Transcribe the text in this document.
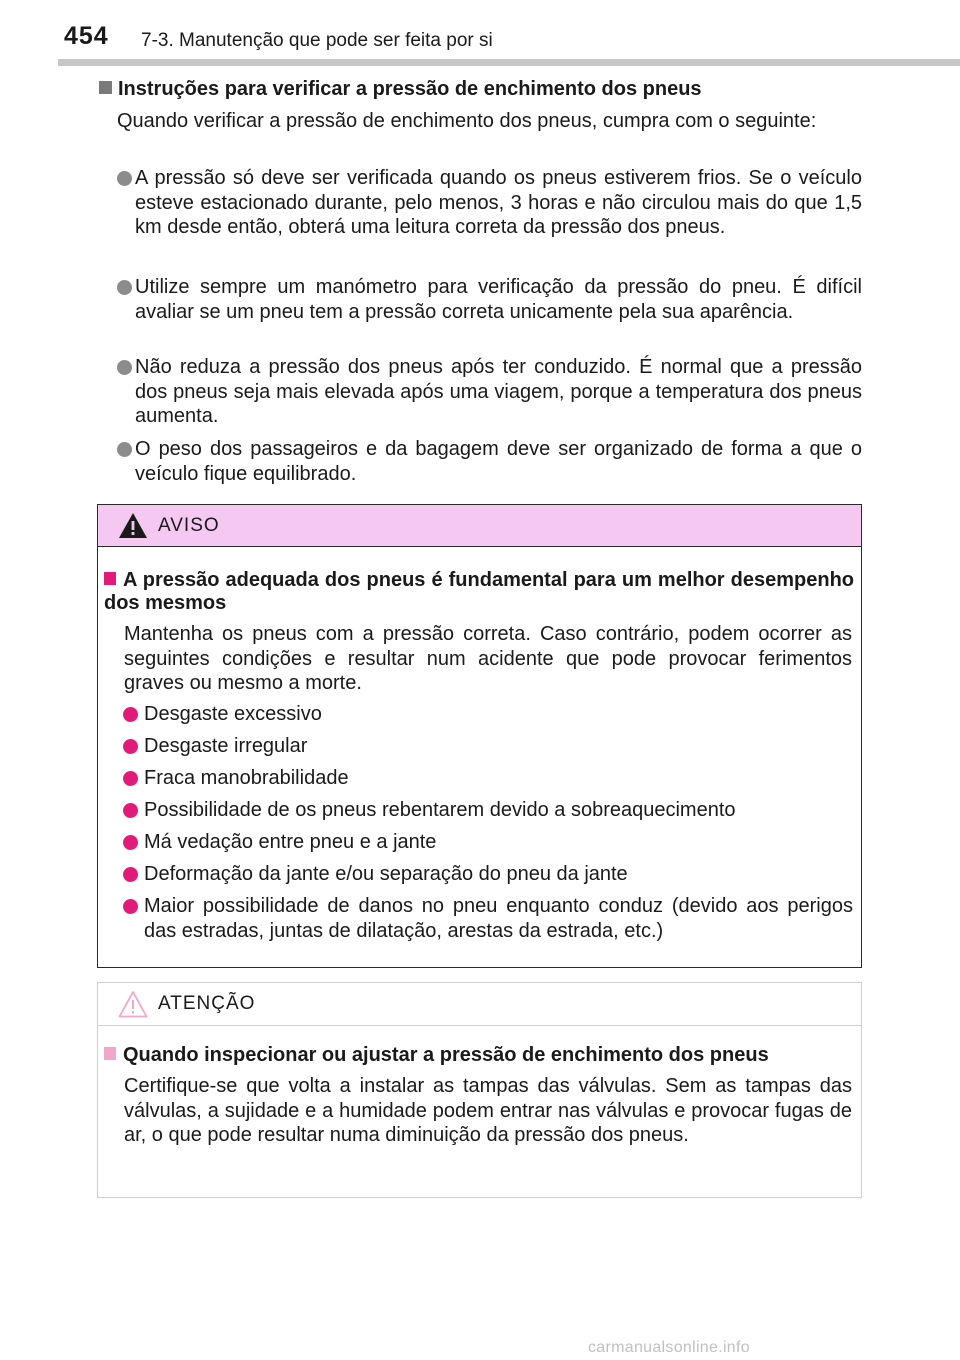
454 7-3. Manutenção que pode ser feita por si
Instruções para verificar a pressão de enchimento dos pneus
Quando verificar a pressão de enchimento dos pneus, cumpra com o seguinte:
A pressão só deve ser verificada quando os pneus estiverem frios. Se o veículo esteve estacionado durante, pelo menos, 3 horas e não circulou mais do que 1,5 km desde então, obterá uma leitura correta da pressão dos pneus.
Utilize sempre um manómetro para verificação da pressão do pneu. É difícil avaliar se um pneu tem a pressão correta unicamente pela sua aparência.
Não reduza a pressão dos pneus após ter conduzido. É normal que a pressão dos pneus seja mais elevada após uma viagem, porque a temperatura dos pneus aumenta.
O peso dos passageiros e da bagagem deve ser organizado de forma a que o veículo fique equilibrado.
AVISO
A pressão adequada dos pneus é fundamental para um melhor desempenho dos mesmos
Mantenha os pneus com a pressão correta. Caso contrário, podem ocorrer as seguintes condições e resultar num acidente que pode provocar ferimentos graves ou mesmo a morte.
Desgaste excessivo
Desgaste irregular
Fraca manobrabilidade
Possibilidade de os pneus rebentarem devido a sobreaquecimento
Má vedação entre pneu e a jante
Deformação da jante e/ou separação do pneu da jante
Maior possibilidade de danos no pneu enquanto conduz (devido aos perigos das estradas, juntas de dilatação, arestas da estrada, etc.)
ATENÇÃO
Quando inspecionar ou ajustar a pressão de enchimento dos pneus
Certifique-se que volta a instalar as tampas das válvulas. Sem as tampas das válvulas, a sujidade e a humidade podem entrar nas válvulas e provocar fugas de ar, o que pode resultar numa diminuição da pressão dos pneus.
carmanualsonline.info
